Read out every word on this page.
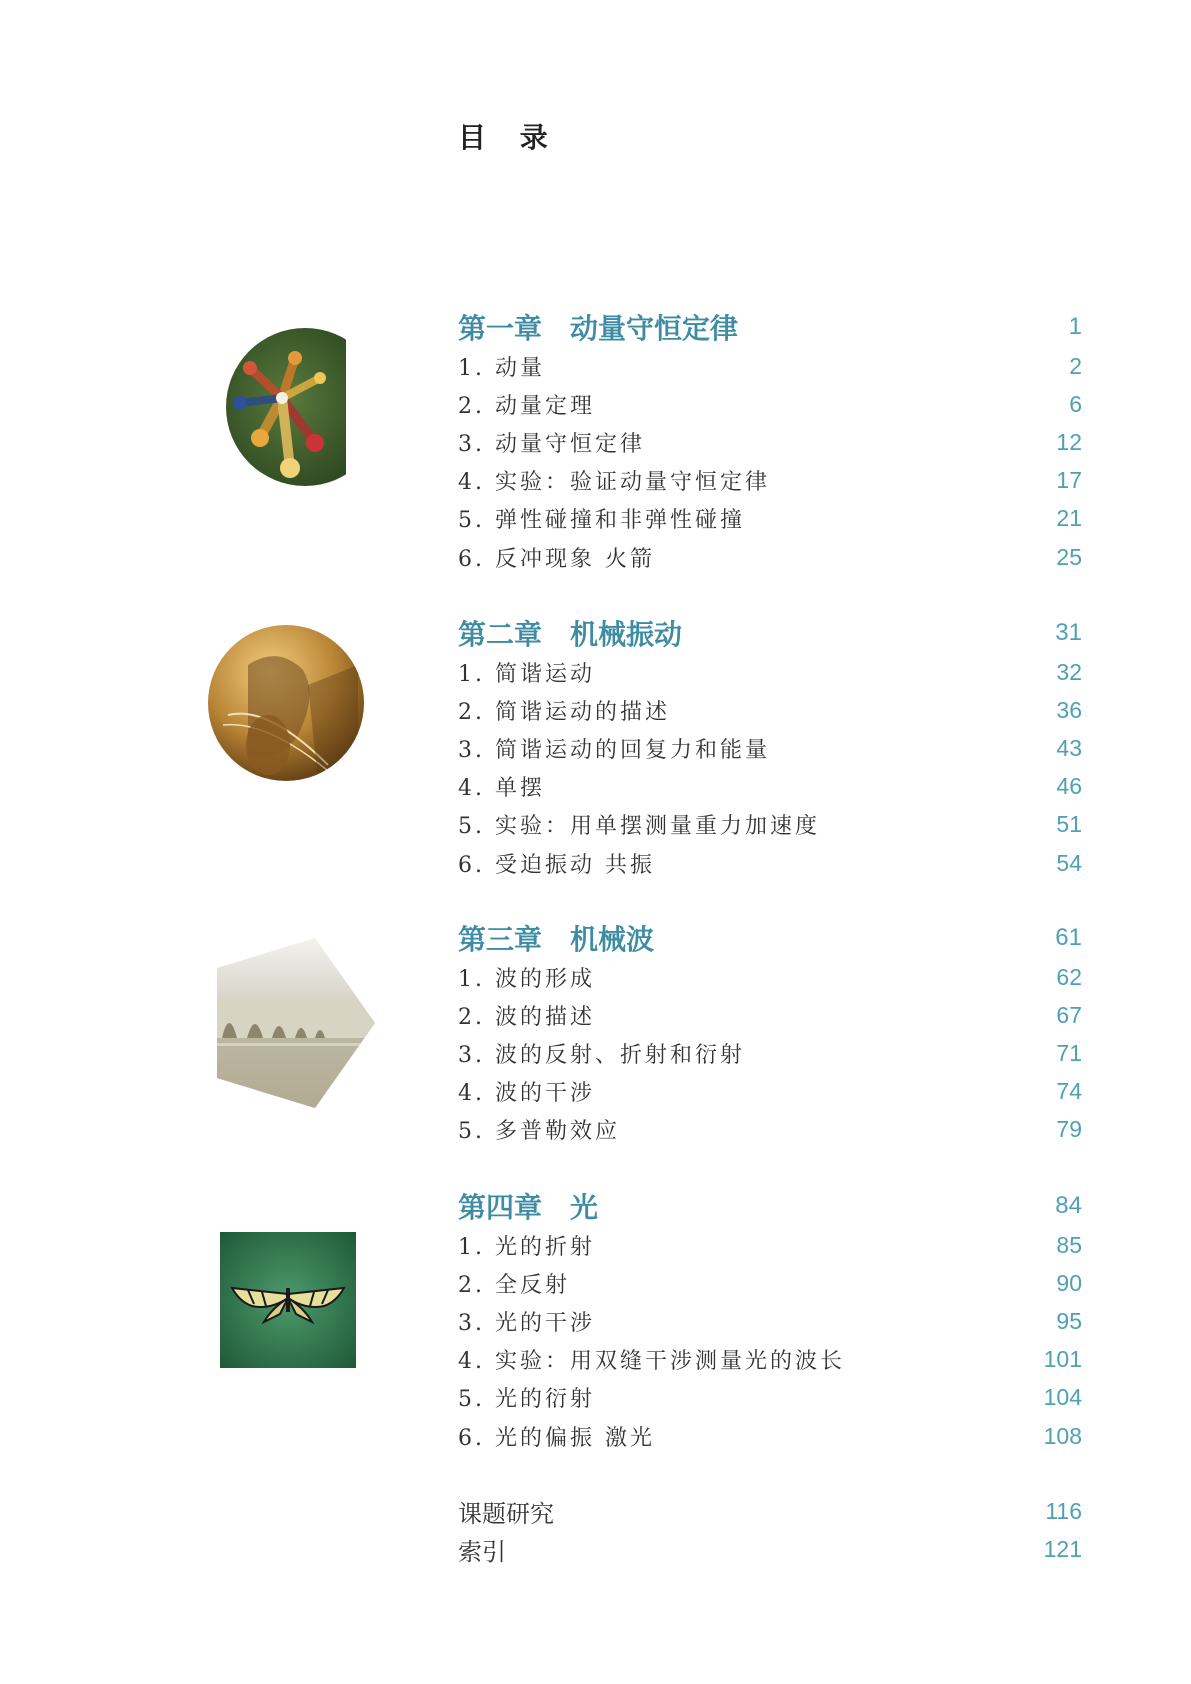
目 录
第一章　动量守恒定律	1
1. 动量	2
2. 动量定理	6
3. 动量守恒定律	12
4. 实验：验证动量守恒定律	17
5. 弹性碰撞和非弹性碰撞	21
6. 反冲现象 火箭	25
第二章　机械振动	31
1. 简谐运动	32
2. 简谐运动的描述	36
3. 简谐运动的回复力和能量	43
4. 单摆	46
5. 实验：用单摆测量重力加速度	51
6. 受迫振动 共振	54
第三章　机械波	61
1. 波的形成	62
2. 波的描述	67
3. 波的反射、折射和衍射	71
4. 波的干涉	74
5. 多普勒效应	79
第四章　光	84
1. 光的折射	85
2. 全反射	90
3. 光的干涉	95
4. 实验：用双缝干涉测量光的波长	101
5. 光的衍射	104
6. 光的偏振 激光	108
课题研究	116
索引	121
